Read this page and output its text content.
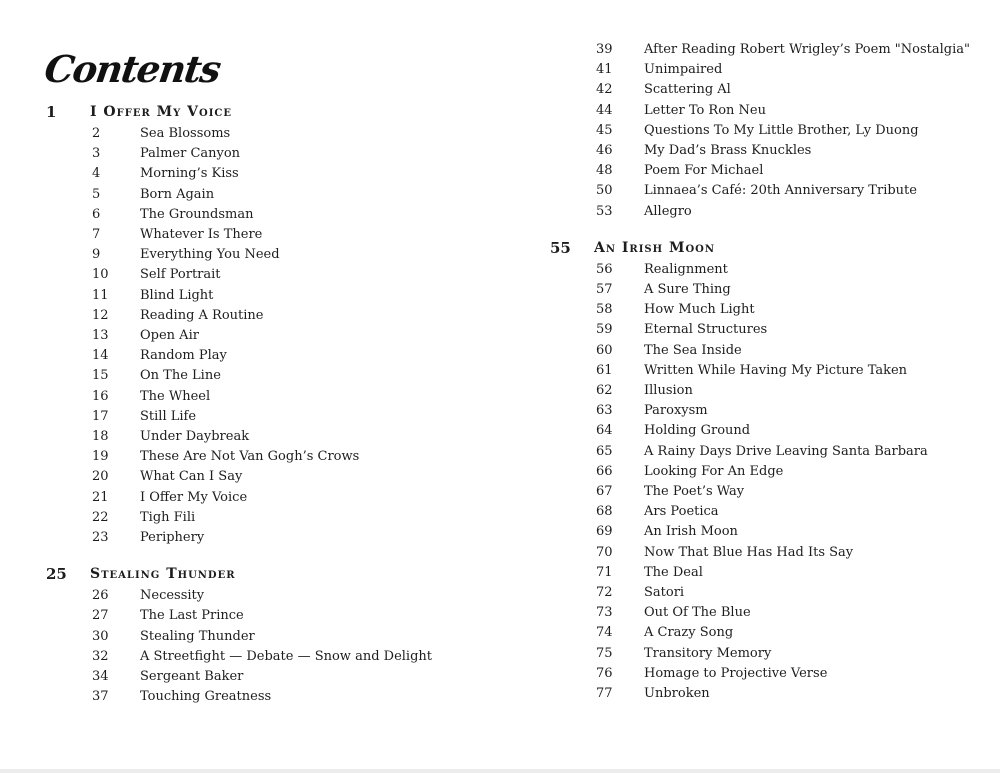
Contents
1 I Offer My Voice
2	Sea Blossoms
3	Palmer Canyon
4	Morning’s Kiss
5	Born Again
6	The Groundsman
7	Whatever Is There
9	Everything You Need
10	Self Portrait
11	Blind Light
12	Reading A Routine
13	Open Air
14	Random Play
15	On The Line
16	The Wheel
17	Still Life
18	Under Daybreak
19	These Are Not Van Gogh’s Crows
20	What Can I Say
21	I Offer My Voice
22	Tigh Fili
23	Periphery
25 Stealing Thunder
26	Necessity
27	The Last Prince
30	Stealing Thunder
32	A Streetfight — Debate — Snow and Delight
34	Sergeant Baker
37	Touching Greatness
39	After Reading Robert Wrigley’s Poem "Nostalgia"
41	Unimpaired
42	Scattering Al
44	Letter To Ron Neu
45	Questions To My Little Brother, Ly Duong
46	My Dad’s Brass Knuckles
48	Poem For Michael
50	Linnaea’s Café: 20th Anniversary Tribute
53	Allegro
55 An Irish Moon
56	Realignment
57	A Sure Thing
58	How Much Light
59	Eternal Structures
60	The Sea Inside
61	Written While Having My Picture Taken
62	Illusion
63	Paroxysm
64	Holding Ground
65	A Rainy Days Drive Leaving Santa Barbara
66	Looking For An Edge
67	The Poet’s Way
68	Ars Poetica
69	An Irish Moon
70	Now That Blue Has Had Its Say
71	The Deal
72	Satori
73	Out Of The Blue
74	A Crazy Song
75	Transitory Memory
76	Homage to Projective Verse
77	Unbroken
